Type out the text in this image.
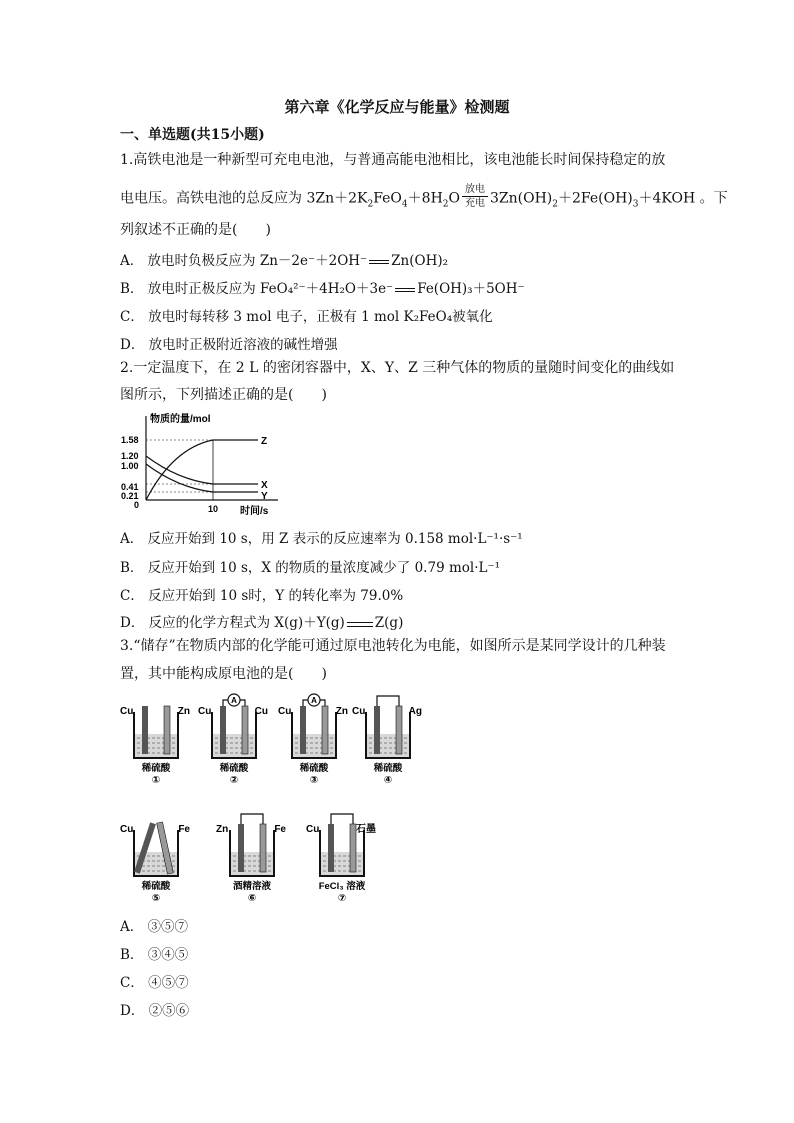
第六章《化学反应与能量》检测题
一、单选题(共15小题)
1.高铁电池是一种新型可充电电池，与普通高能电池相比，该电池能长时间保持稳定的放
电电压。高铁电池的总反应为 $3Zn+2K_2FeO_4+8H_2O$放电
充电 $3Zn(OH)_2+2Fe(OH)_3+4KOH$ 。下
列叙述不正确的是(　　)
A． 放电时负极反应为 Zn－2e⁻＋2OH⁻ Zn(OH)₂
B． 放电时正极反应为 FeO₄²⁻＋4H₂O＋3e⁻ Fe(OH)₃＋5OH⁻
C． 放电时每转移 3 mol 电子，正极有 1 mol K₂FeO₄被氧化
D． 放电时正极附近溶液的碱性增强
2.一定温度下，在 2 L 的密闭容器中，X、Y、Z 三种气体的物质的量随时间变化的曲线如
图所示，下列描述正确的是(　　)
物质的量/mol
1.58
1.20
1.00
0.41
0.21
0	10 时间/s
Z
X
Y
A． 反应开始到 10 s，用 Z 表示的反应速率为 0.158 mol·L⁻¹·s⁻¹
B． 反应开始到 10 s，X 的物质的量浓度减少了 0.79 mol·L⁻¹
C． 反应开始到 10 s时，Y 的转化率为 79.0%
D． 反应的化学方程式为 X(g)＋Y(g) Z(g)
3.“储存”在物质内部的化学能可通过原电池转化为电能，如图所示是某同学设计的几种装
置，其中能构成原电池的是(　　)
Cu	Zn
稀硫酸
①
Cu	Cu
A
稀硫酸
②
Cu	Zn
A
稀硫酸
③
Cu	Ag
稀硫酸
④
Cu	Fe
稀硫酸
⑤
Zn	Fe
酒精溶液
⑥
Cu	石墨
FeCl₃ 溶液
⑦
A． ③⑤⑦
B． ③④⑤
C． ④⑤⑦
D． ②⑤⑥
